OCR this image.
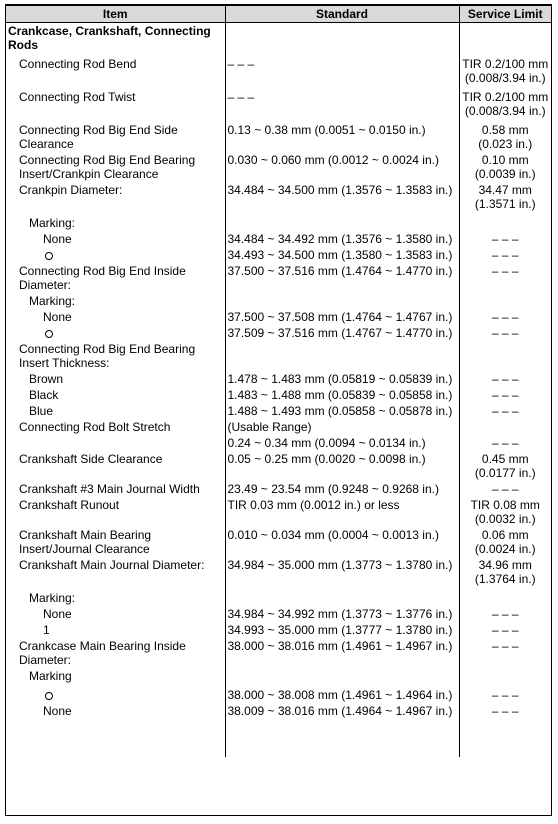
Item	Standard	Service Limit
Crankcase, Crankshaft, Connecting Rods		

Connecting Rod Bend	– – –	TIR 0.2/100 mm
(0.008/3.94 in.)

Connecting Rod Twist	– – –	TIR 0.2/100 mm
(0.008/3.94 in.)

Connecting Rod Big End Side
Clearance	0.13 ~ 0.38 mm (0.0051 ~ 0.0150 in.)	0.58 mm
(0.023 in.)
Connecting Rod Big End Bearing
Insert/Crankpin Clearance	0.030 ~ 0.060 mm (0.0012 ~ 0.0024 in.)	0.10 mm
(0.0039 in.)
Crankpin Diameter:	34.484 ~ 34.500 mm (1.3576 ~ 1.3583 in.)	34.47 mm
(1.3571 in.)

Marking:		
None	34.484 ~ 34.492 mm (1.3576 ~ 1.3580 in.)	– – –
	34.493 ~ 34.500 mm (1.3580 ~ 1.3583 in.)	– – –
Connecting Rod Big End Inside
Diameter:	37.500 ~ 37.516 mm (1.4764 ~ 1.4770 in.)	– – –
Marking:		
None	37.500 ~ 37.508 mm (1.4764 ~ 1.4767 in.)	– – –
	37.509 ~ 37.516 mm (1.4767 ~ 1.4770 in.)	– – –
Connecting Rod Big End Bearing
Insert Thickness:		
Brown	1.478 ~ 1.483 mm (0.05819 ~ 0.05839 in.)	– – –
Black	1.483 ~ 1.488 mm (0.05839 ~ 0.05858 in.)	– – –
Blue	1.488 ~ 1.493 mm (0.05858 ~ 0.05878 in.)	– – –
Connecting Rod Bolt Stretch	(Usable Range)	
	0.24 ~ 0.34 mm (0.0094 ~ 0.0134 in.)	– – –
Crankshaft Side Clearance	0.05 ~ 0.25 mm (0.0020 ~ 0.0098 in.)	0.45 mm
(0.0177 in.)
Crankshaft #3 Main Journal Width	23.49 ~ 23.54 mm (0.9248 ~ 0.9268 in.)	– – –
Crankshaft Runout	TIR 0.03 mm (0.0012 in.) or less	TIR 0.08 mm
(0.0032 in.)
Crankshaft Main Bearing
Insert/Journal Clearance	0.010 ~ 0.034 mm (0.0004 ~ 0.0013 in.)	0.06 mm
(0.0024 in.)
Crankshaft Main Journal Diameter:	34.984 ~ 35.000 mm (1.3773 ~ 1.3780 in.)	34.96 mm
(1.3764 in.)

Marking:		
None	34.984 ~ 34.992 mm (1.3773 ~ 1.3776 in.)	– – –
1	34.993 ~ 35.000 mm (1.3777 ~ 1.3780 in.)	– – –
Crankcase Main Bearing Inside
Diameter:	38.000 ~ 38.016 mm (1.4961 ~ 1.4967 in.)	– – –
Marking		

	38.000 ~ 38.008 mm (1.4961 ~ 1.4964 in.)	– – –
None	38.009 ~ 38.016 mm (1.4964 ~ 1.4967 in.)	– – –
